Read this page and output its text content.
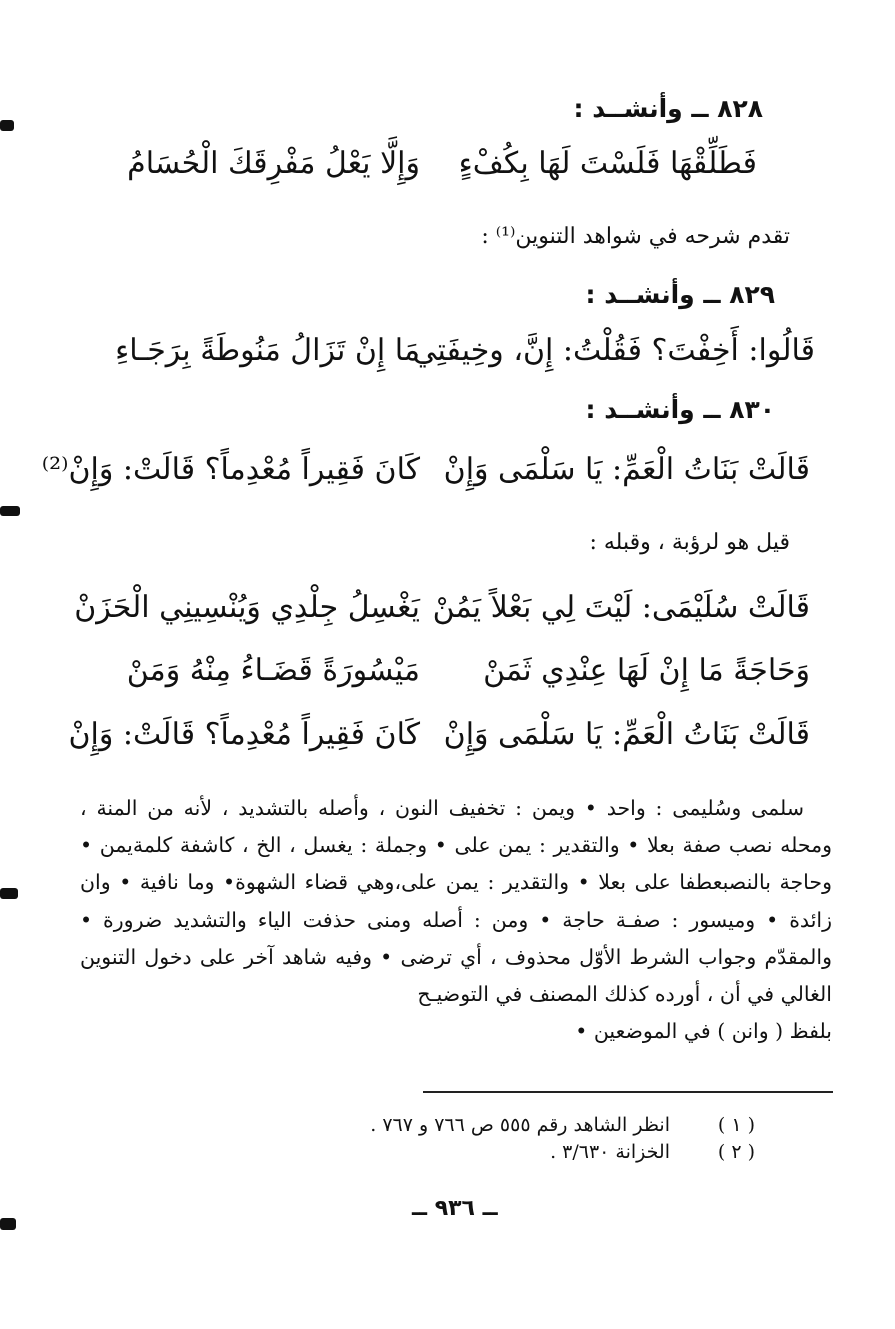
٨٢٨ ــ وأنشــد :
فَطَلِّقْهَا فَلَسْتَ لَهَا بِكُفْءٍ
وَإِلَّا يَعْلُ مَفْرِقَكَ الْحُسَامُ
تقدم شرحه في شواهد التنوين⁽¹⁾ :
٨٢٩ ــ وأنشــد :
قَالُوا: أَخِفْتَ؟ فَقُلْتُ: إِنَّ، وخِيفَتِي
مَا إِنْ تَزَالُ مَنُوطَةً بِرَجَـاءِ
٨٣٠ ــ وأنشــد :
قَالَتْ بَنَاتُ الْعَمِّ: يَا سَلْمَى وَإِنْ
كَانَ فَقِيراً مُعْدِماً؟ قَالَتْ: وَإِنْ⁽²⁾
قيل هو لرؤبة ، وقبله :
قَالَتْ سُلَيْمَى: لَيْتَ لِي بَعْلاً يَمُنْ
يَغْسِلُ جِلْدِي وَيُنْسِينِي الْحَزَنْ
وَحَاجَةً مَا إِنْ لَهَا عِنْدِي ثَمَنْ
مَيْسُورَةً قَضَـاءُ مِنْهُ وَمَنْ
قَالَتْ بَنَاتُ الْعَمِّ: يَا سَلْمَى وَإِنْ
كَانَ فَقِيراً مُعْدِماً؟ قَالَتْ: وَإِنْ

سلمى وسُليمى : واحد • ويمن : تخفيف النون ، وأصله بالتشديد ، لأنه من المنة ، ومحله نصب صفة بعلا • والتقدير : يمن على • وجملة : يغسل ، الخ ، كاشفة كلمةيمن • وحاجة بالنصبعطفا على بعلا • والتقدير : يمن على،وهي قضاء الشهوة• وما نافية • وان زائدة • وميسور : صفـة حاجة • ومن : أصله ومنى حذفت الياء والتشديد ضرورة • والمقدّم وجواب الشرط الأوّل محذوف ، أي ترضى • وفيه شاهد آخر على دخول التنوين الغالي في أن ، أورده كذلك المصنف في التوضيـح

بلفظ ( وانن ) في الموضعين •

( ١ )
انظر الشاهد رقم ٥٥٥ ص ٧٦٦ و ٧٦٧ .
( ٢ )
الخزانة ٣/٦٣٠ .
ــ ٩٣٦ ــ
